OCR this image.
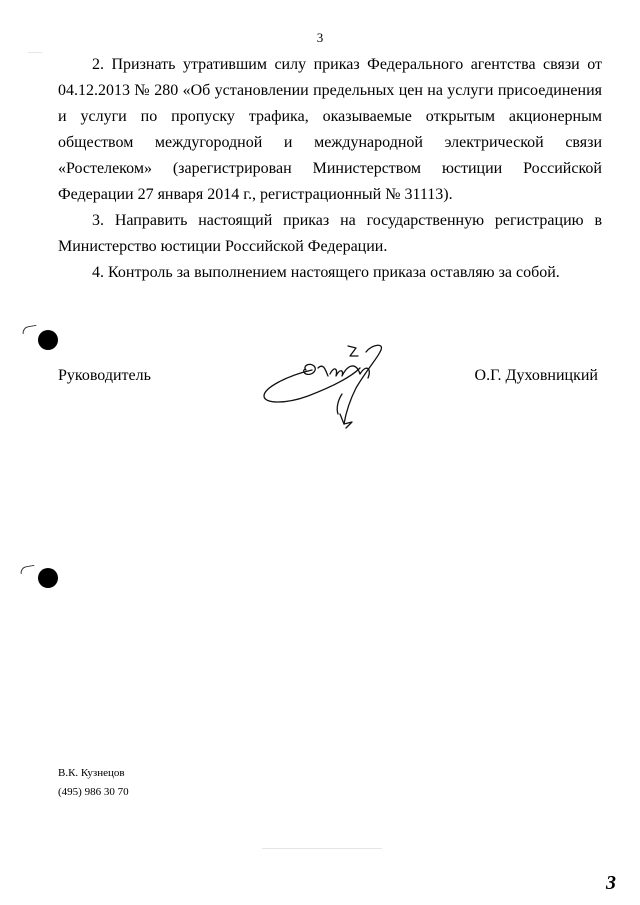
3

2. Признать утратившим силу приказ Федерального агентства связи от 04.12.2013 № 280 «Об установлении предельных цен на услуги присоединения и услуги по пропуску трафика, оказываемые открытым акционерным обществом междугородной и международной электрической связи «Ростелеком» (зарегистрирован Министерством юстиции Российской Федерации 27 января 2014 г., регистрационный № 31113).

3. Направить настоящий приказ на государственную регистрацию в Министерство юстиции Российской Федерации.

4. Контроль за выполнением настоящего приказа оставляю за собой.

Руководитель	О.Г. Духовницкий
В.К. Кузнецов
(495) 986 30 70
3
